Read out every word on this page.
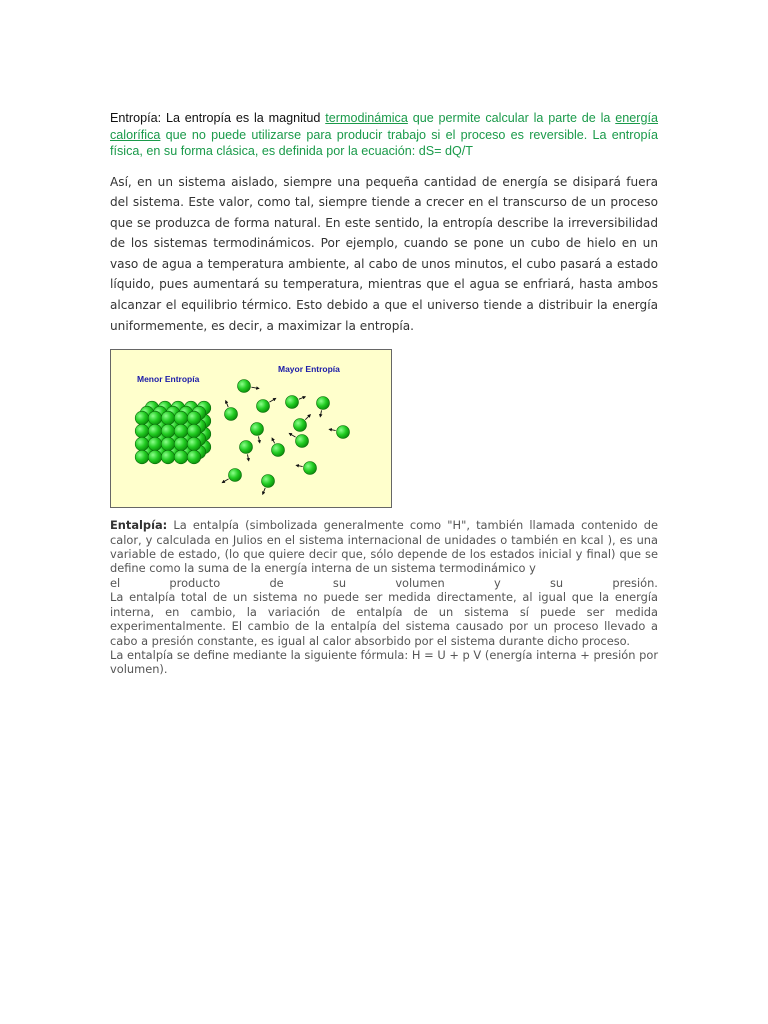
Entropía: La entropía es la magnitud termodinámica que permite calcular la parte de la energía calorífica que no puede utilizarse para producir trabajo si el proceso es reversible. La entropía física, en su forma clásica, es definida por la ecuación: dS= dQ/T

Así, en un sistema aislado, siempre una pequeña cantidad de energía se disipará fuera del sistema. Este valor, como tal, siempre tiende a crecer en el transcurso de un proceso que se produzca de forma natural. En este sentido, la entropía describe la irreversibilidad de los sistemas termodinámicos. Por ejemplo, cuando se pone un cubo de hielo en un vaso de agua a temperatura ambiente, al cabo de unos minutos, el cubo pasará a estado líquido, pues aumentará su temperatura, mientras que el agua se enfriará, hasta ambos alcanzar el equilibrio térmico. Esto debido a que el universo tiende a distribuir la energía uniformemente, es decir, a maximizar la entropía.

Menor Entropía
Mayor Entropía
Entalpía: La entalpía (simbolizada generalmente como "H", también llamada contenido de calor, y calculada en Julios en el sistema internacional de unidades o también en kcal ), es una variable de estado, (lo que quiere decir que, sólo depende de los estados inicial y final) que se define como la suma de la energía interna de un sistema termodinámico y
el	producto	de	su	volumen	y	su	presión.
La entalpía total de un sistema no puede ser medida directamente, al igual que la energía interna, en cambio, la variación de entalpía de un sistema sí puede ser medida experimentalmente. El cambio de la entalpía del sistema causado por un proceso llevado a cabo a presión constante, es igual al calor absorbido por el sistema durante dicho proceso.
La entalpía se define mediante la siguiente fórmula: H = U + p V (energía interna + presión por volumen).
